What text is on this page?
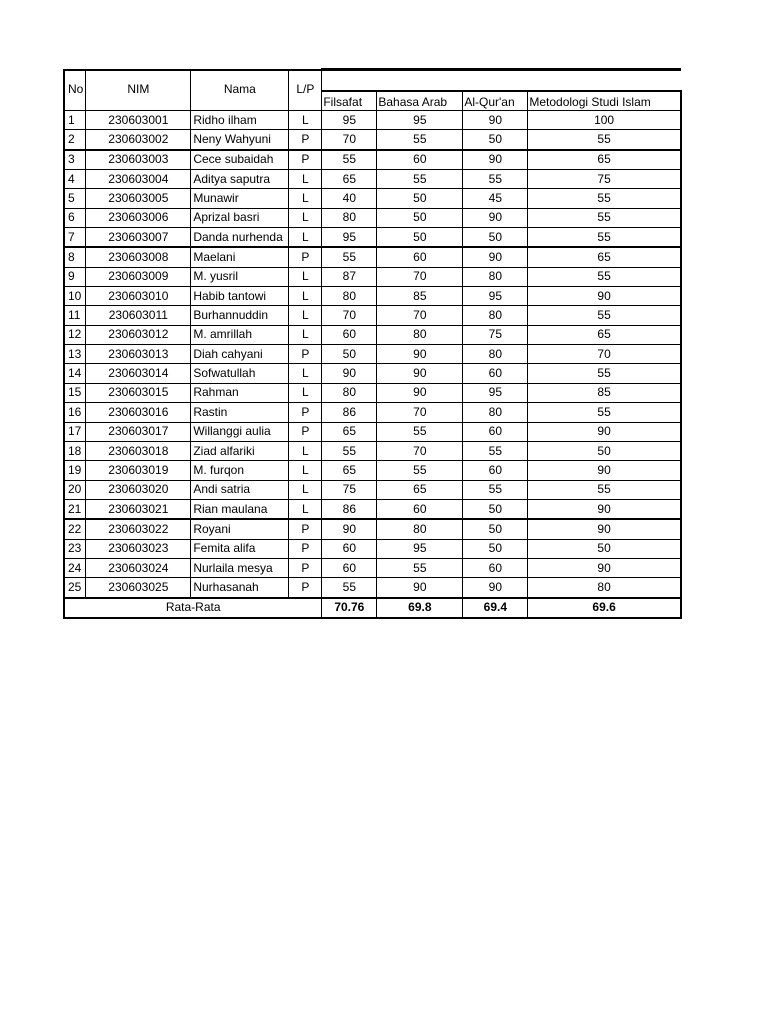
No	NIM	Nama	L/P				
				Filsafat	Bahasa Arab	Al-Qur'an	Metodologi Studi Islam
1	230603001	Ridho ilham	L	95	95	90	100
2	230603002	Neny Wahyuni	P	70	55	50	55
3	230603003	Cece subaidah	P	55	60	90	65
4	230603004	Aditya saputra	L	65	55	55	75
5	230603005	Munawir	L	40	50	45	55
6	230603006	Aprizal basri	L	80	50	90	55
7	230603007	Danda nurhenda	L	95	50	50	55
8	230603008	Maelani	P	55	60	90	65
9	230603009	M. yusril	L	87	70	80	55
10	230603010	Habib tantowi	L	80	85	95	90
11	230603011	Burhannuddin	L	70	70	80	55
12	230603012	M. amrillah	L	60	80	75	65
13	230603013	Diah cahyani	P	50	90	80	70
14	230603014	Sofwatullah	L	90	90	60	55
15	230603015	Rahman	L	80	90	95	85
16	230603016	Rastin	P	86	70	80	55
17	230603017	Willanggi aulia	P	65	55	60	90
18	230603018	Ziad alfariki	L	55	70	55	50
19	230603019	M. furqon	L	65	55	60	90
20	230603020	Andi satria	L	75	65	55	55
21	230603021	Rian maulana	L	86	60	50	90
22	230603022	Royani	P	90	80	50	90
23	230603023	Femita alifa	P	60	95	50	50
24	230603024	Nurlaila mesya	P	60	55	60	90
25	230603025	Nurhasanah	P	55	90	90	80
Rata-Rata				70.76	69.8	69.4	69.6
